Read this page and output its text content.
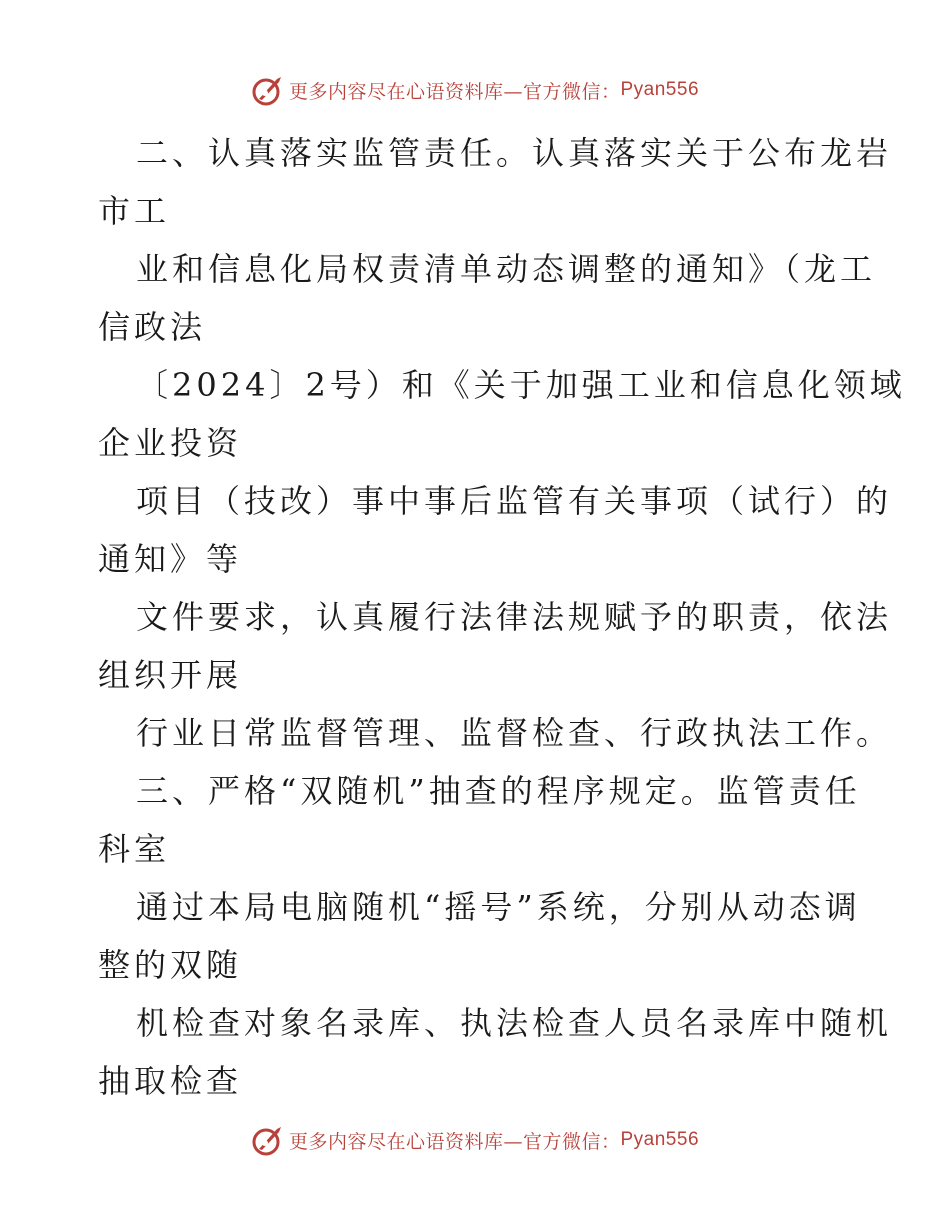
更多内容尽在心语资料库—官方微信： Pyan556
二、认真落实监管责任。认真落实关于公布龙岩
市工
业和信息化局权责清单动态调整的通知》（龙工
信政法
〔2024〕2号）和《关于加强工业和信息化领域
企业投资
项目（技改）事中事后监管有关事项（试行）的
通知》等
文件要求，认真履行法律法规赋予的职责，依法
组织开展
行业日常监督管理、监督检查、行政执法工作。
三、严格“双随机”抽查的程序规定。监管责任
科室
通过本局电脑随机“摇号”系统，分别从动态调
整的双随
机检查对象名录库、执法检查人员名录库中随机
抽取检查
更多内容尽在心语资料库—官方微信： Pyan556
